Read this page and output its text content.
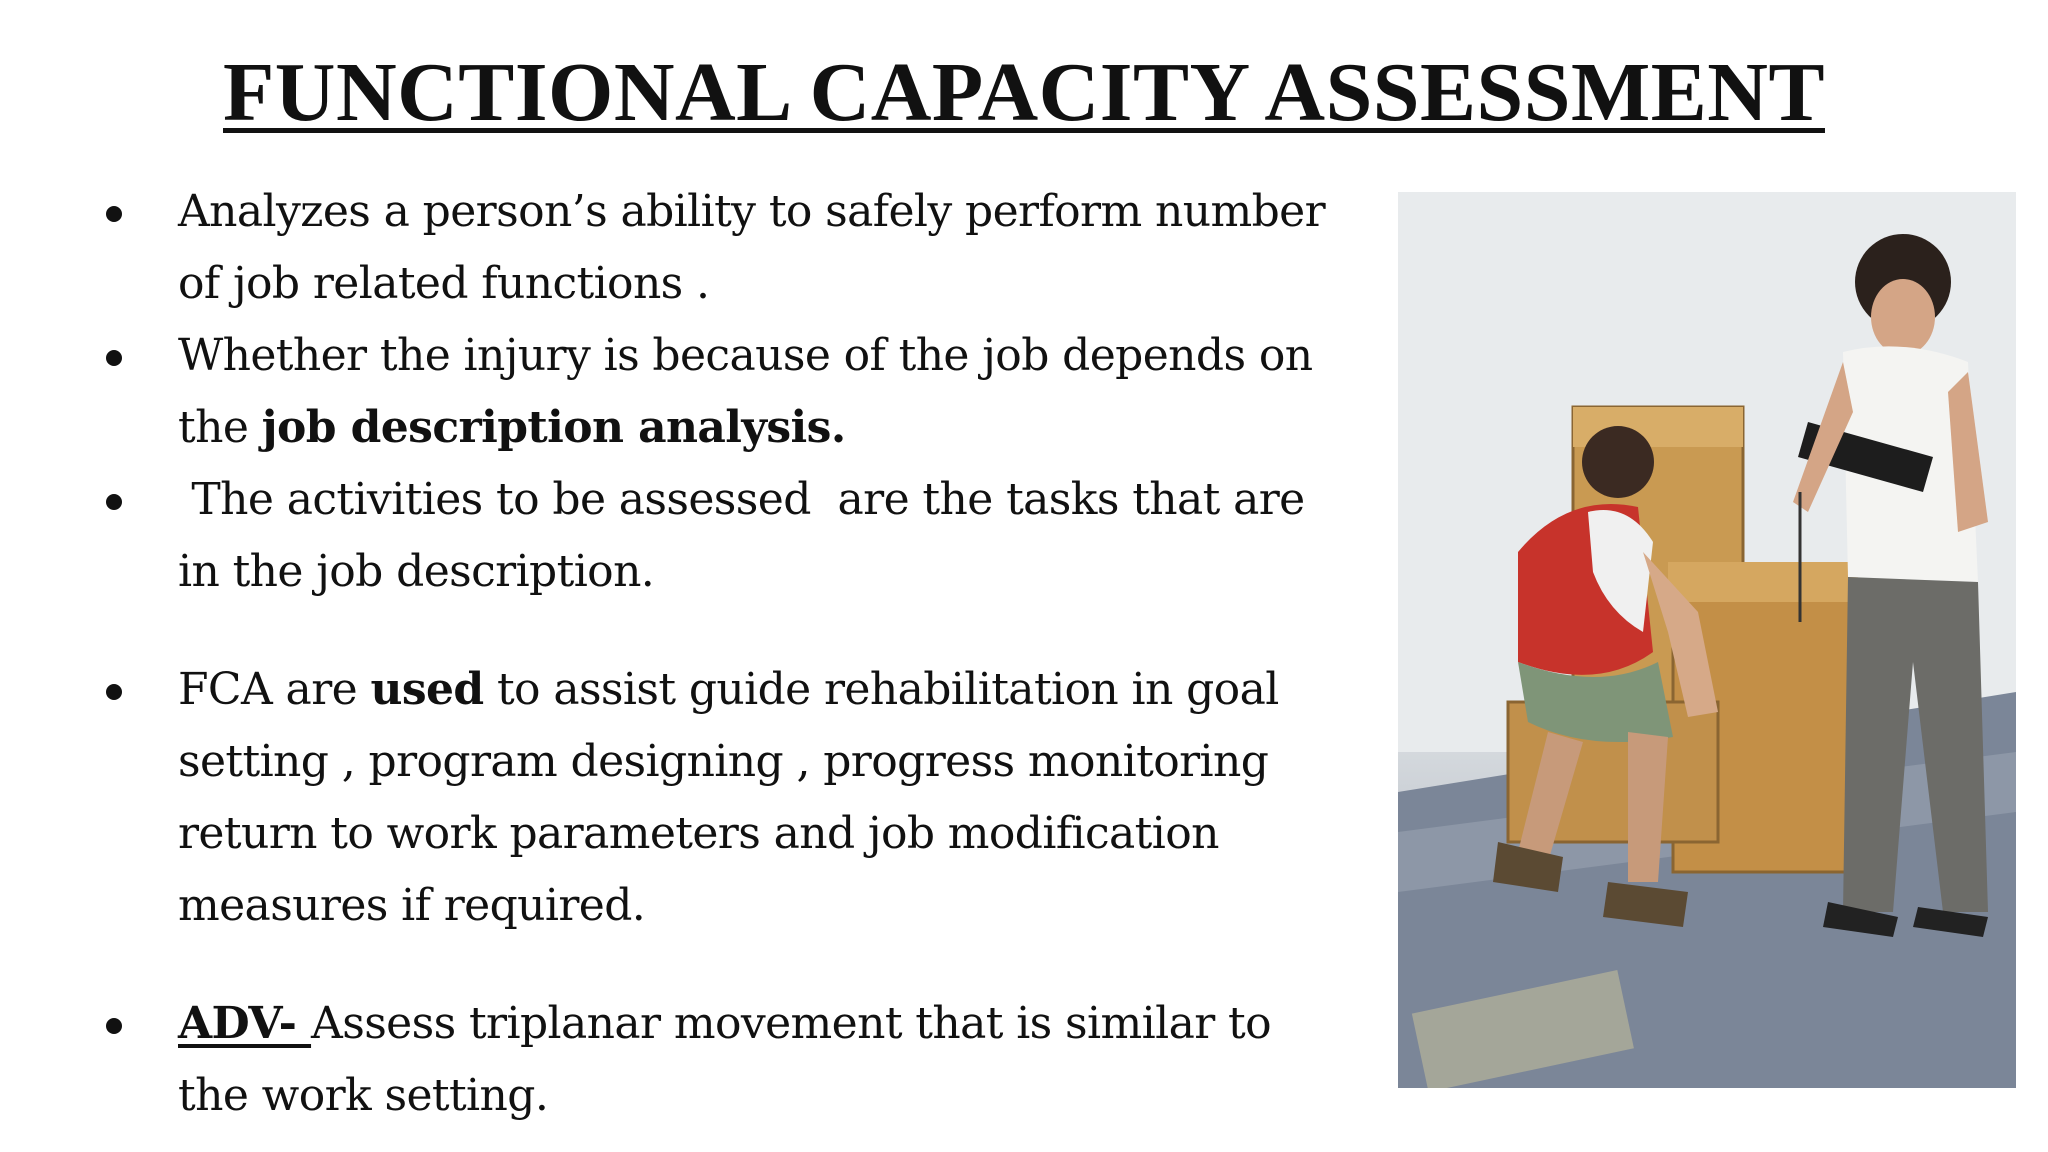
FUNCTIONAL CAPACITY ASSESSMENT
Analyzes a person’s ability to safely perform number of job related functions .
Whether the injury is because of the job depends on the job description analysis.
The activities to be assessed  are the tasks that are in the job description.
FCA are used to assist guide rehabilitation in goal setting , program designing , progress monitoring return to work parameters and job modification measures if required.
ADV- Assess triplanar movement that is similar to the work setting.
